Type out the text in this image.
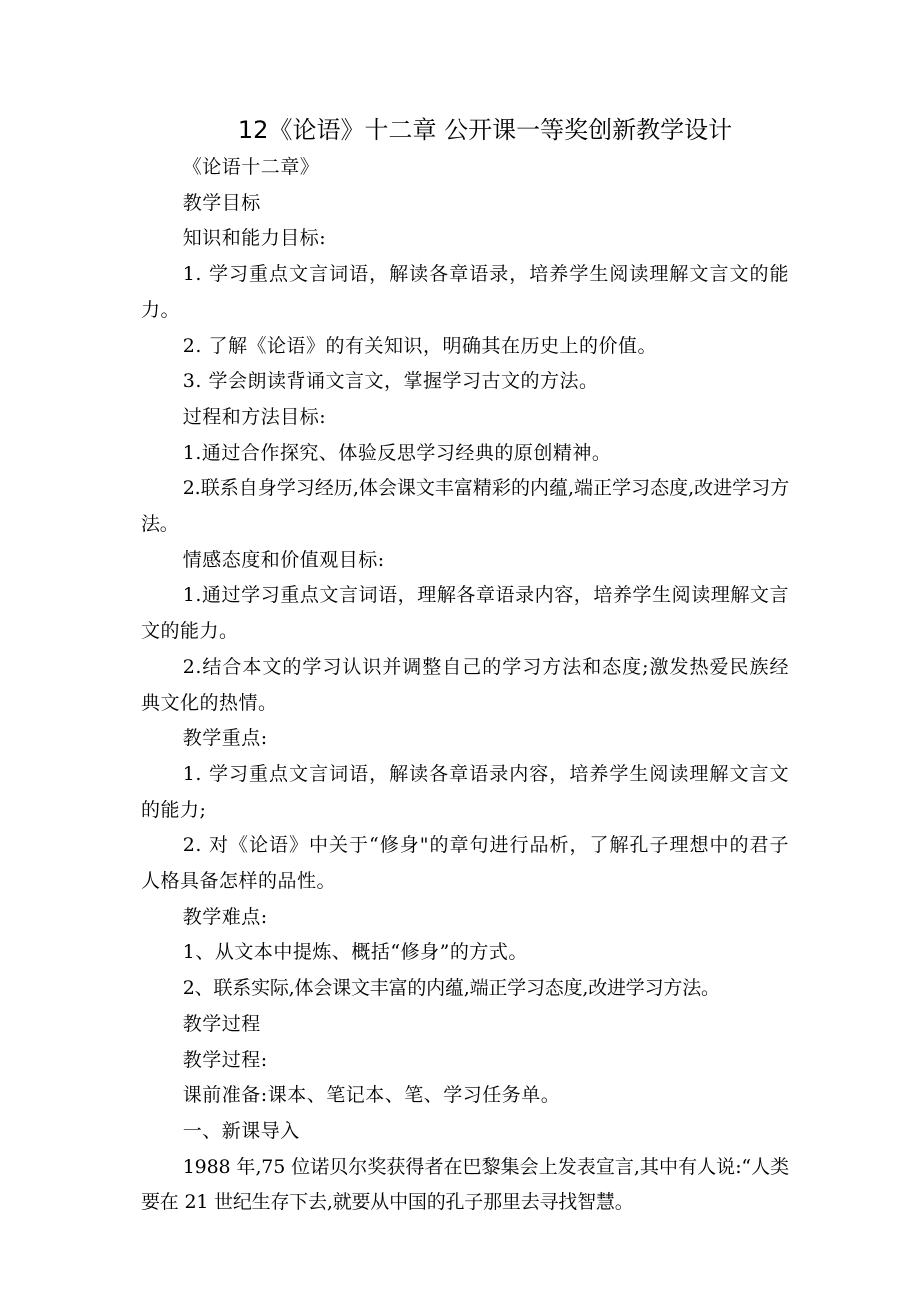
12《论语》十二章 公开课一等奖创新教学设计

《论语十二章》

教学目标

知识和能力目标:

1. 学习重点文言词语，解读各章语录，培养学生阅读理解文言文的能力。

2. 了解《论语》的有关知识，明确其在历史上的价值。

3. 学会朗读背诵文言文，掌握学习古文的方法。

过程和方法目标:

1.通过合作探究、体验反思学习经典的原创精神。

2.联系自身学习经历,体会课文丰富精彩的内蕴,端正学习态度,改进学习方法。

情感态度和价值观目标:

1.通过学习重点文言词语，理解各章语录内容，培养学生阅读理解文言文的能力。

2.结合本文的学习认识并调整自己的学习方法和态度;激发热爱民族经典文化的热情。

教学重点:

1. 学习重点文言词语，解读各章语录内容，培养学生阅读理解文言文的能力;

2. 对《论语》中关于“修身"的章句进行品析，了解孔子理想中的君子人格具备怎样的品性。

教学难点:

1、从文本中提炼、概括“修身”的方式。

2、联系实际,体会课文丰富的内蕴,端正学习态度,改进学习方法。

教学过程

教学过程:

课前准备:课本、笔记本、笔、学习任务单。

一、新课导入

1988 年,75 位诺贝尔奖获得者在巴黎集会上发表宣言,其中有人说:“人类要在 21 世纪生存下去,就要从中国的孔子那里去寻找智慧。
